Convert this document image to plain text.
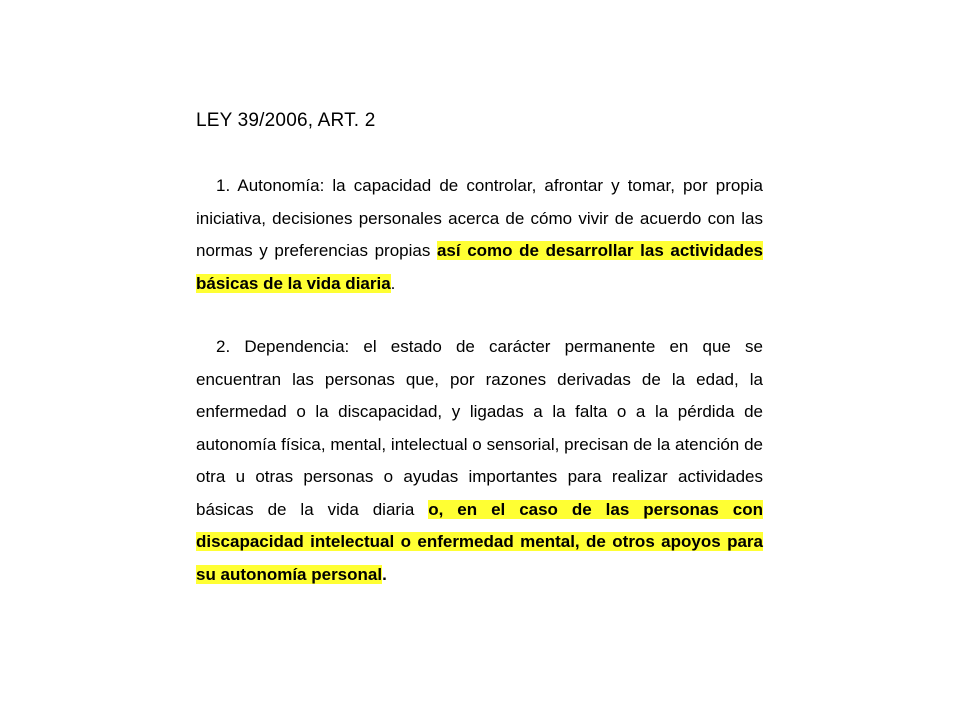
LEY 39/2006, ART. 2

1. Autonomía: la capacidad de controlar, afrontar y tomar, por propia iniciativa, decisiones personales acerca de cómo vivir de acuerdo con las normas y preferencias propias así como de desarrollar las actividades básicas de la vida diaria.

2. Dependencia: el estado de carácter permanente en que se encuentran las personas que, por razones derivadas de la edad, la enfermedad o la discapacidad, y ligadas a la falta o a la pérdida de autonomía física, mental, intelectual o sensorial, precisan de la atención de otra u otras personas o ayudas importantes para realizar actividades básicas de la vida diaria o, en el caso de las personas con discapacidad intelectual o enfermedad mental, de otros apoyos para su autonomía personal.
